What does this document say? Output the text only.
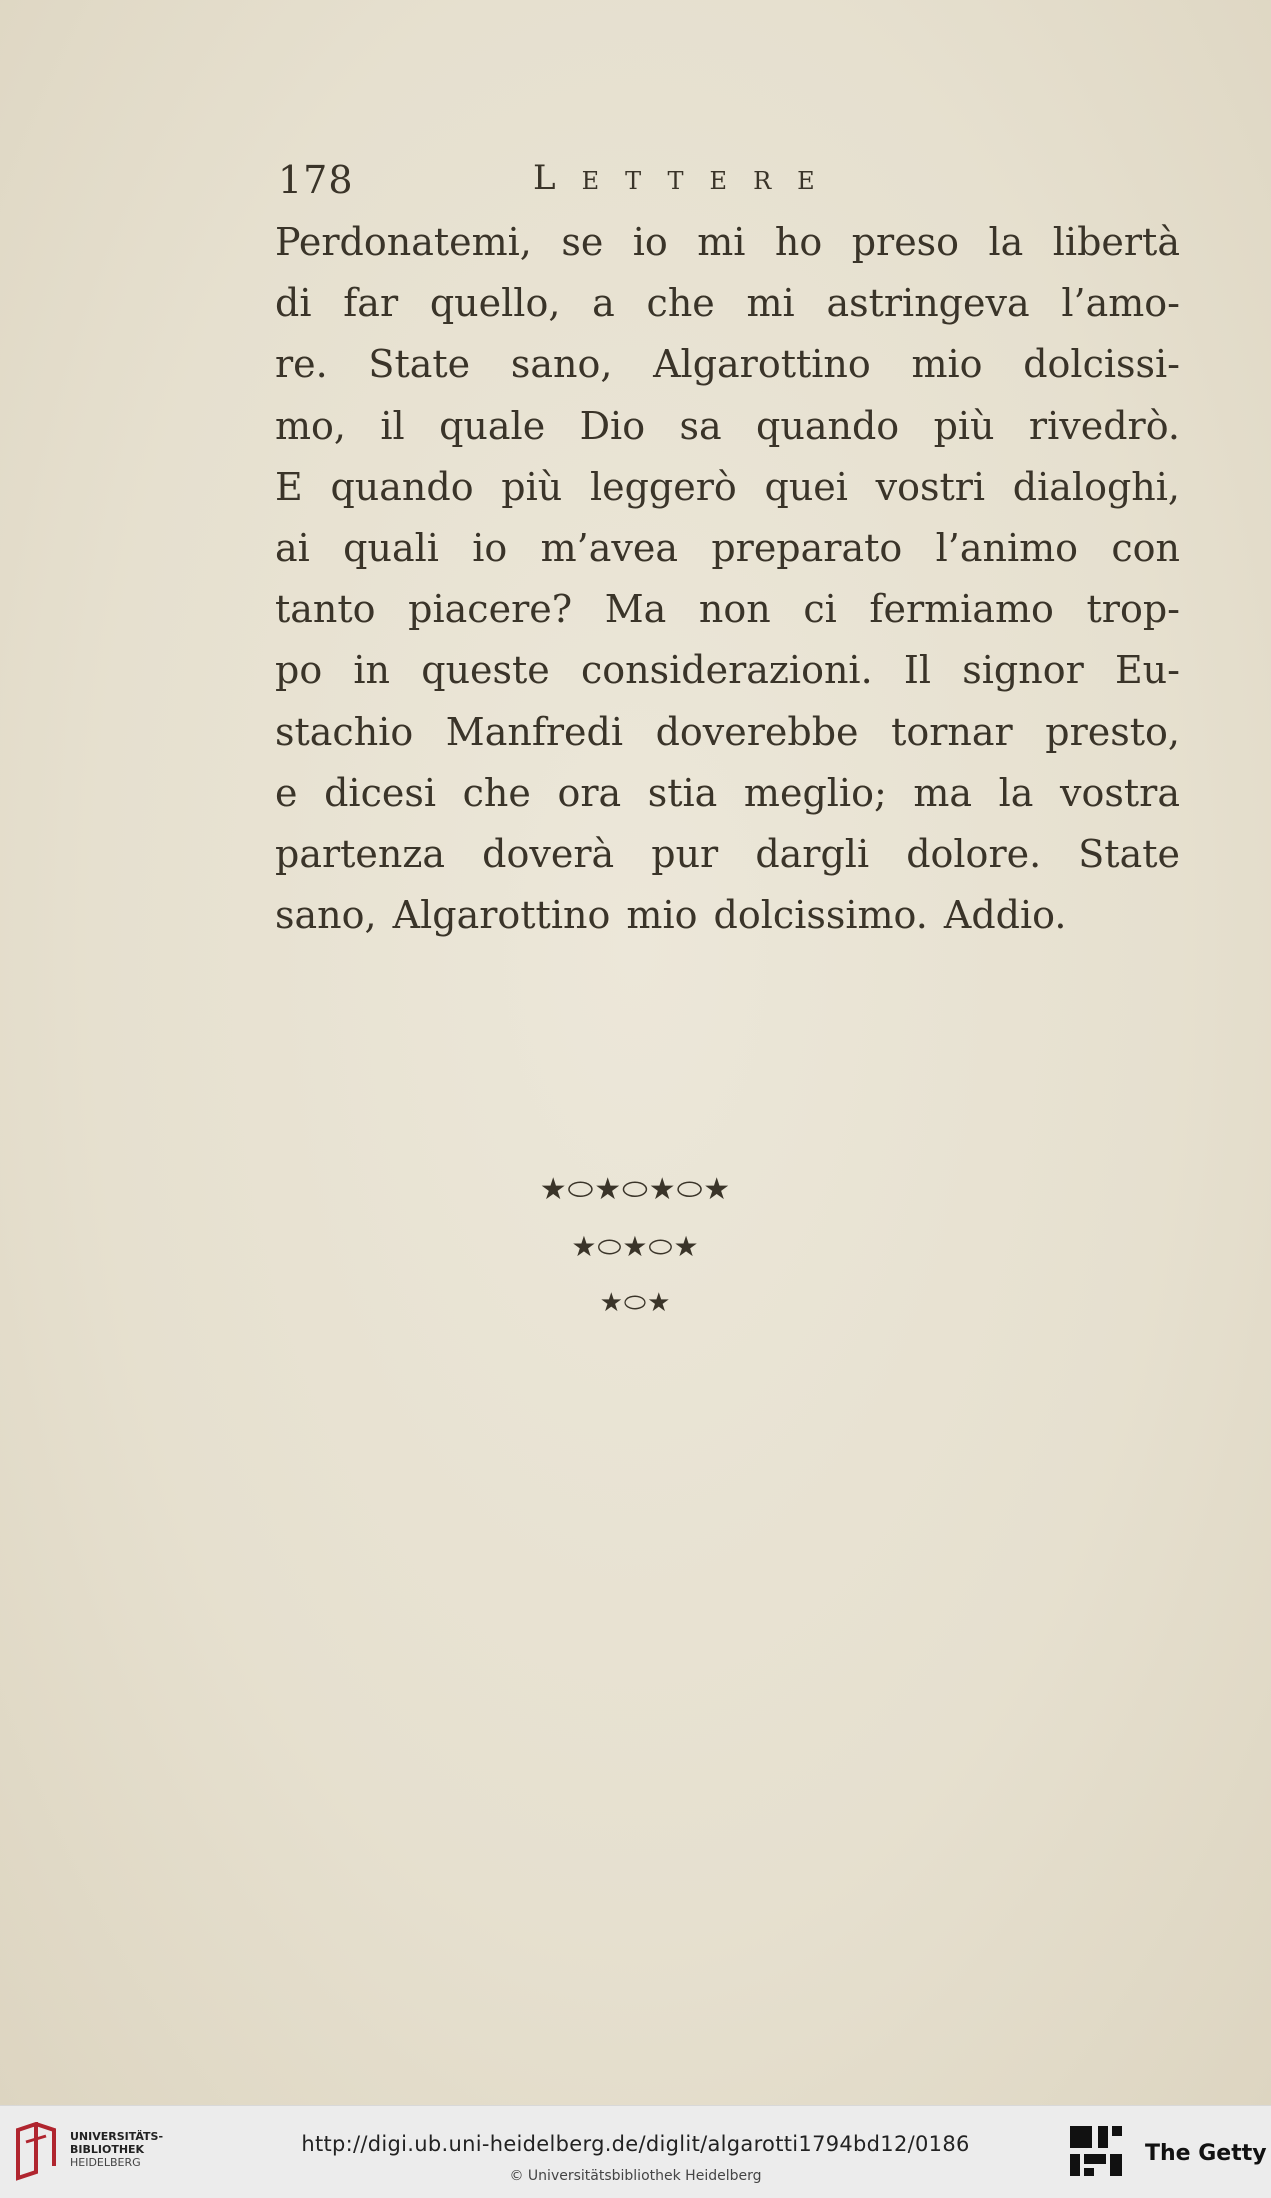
178	Lettere
Perdonatemi, se io mi ho preso la libertà
di far quello, a che mi astringeva l’amo-
re. State sano, Algarottino mio dolcissi-
mo, il quale Dio sa quando più rivedrò.
E quando più leggerò quei vostri dialoghi,
ai quali io m’avea preparato l’animo con
tanto piacere? Ma non ci fermiamo trop-
po in queste considerazioni. Il signor Eu-
stachio Manfredi doverebbe tornar presto,
e dicesi che ora stia meglio; ma la vostra
partenza doverà pur dargli dolore. State
sano, Algarottino mio dolcissimo. Addio.
★⬭★⬭★⬭★
★⬭★⬭★
★⬭★
UNIVERSITÄTS-
BIBLIOTHEK
HEIDELBERG
http://digi.ub.uni-heidelberg.de/diglit/algarotti1794bd12/0186
© Universitätsbibliothek Heidelberg
The Getty
